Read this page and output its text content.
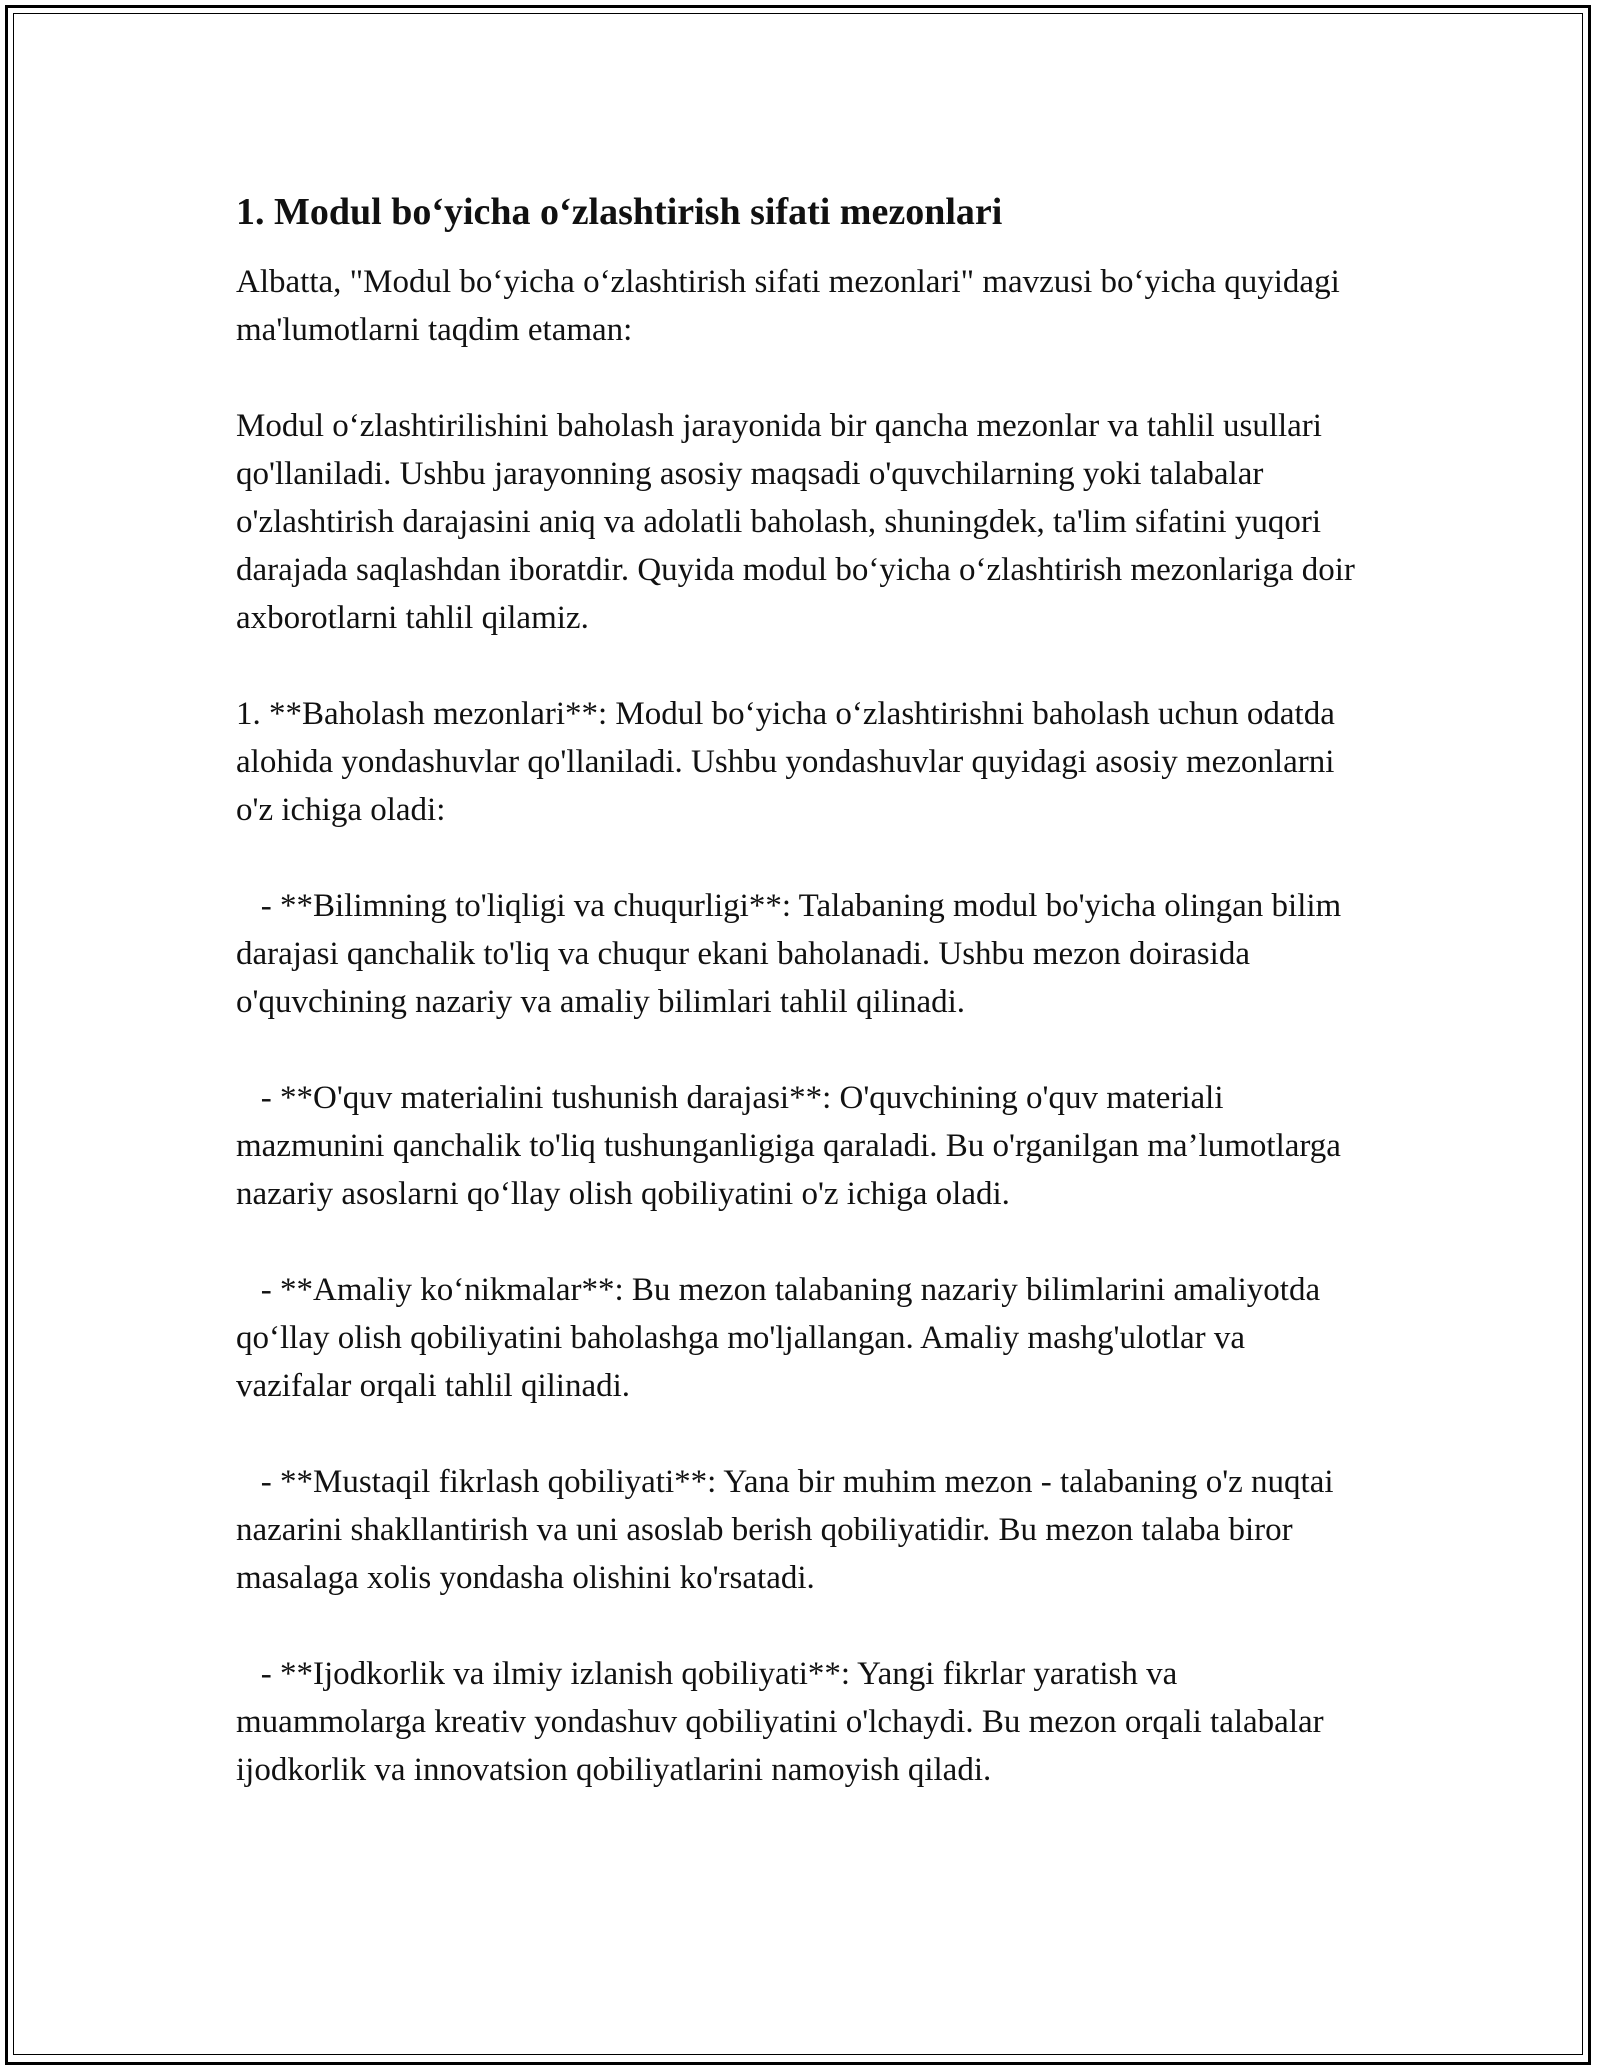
1. Modul bo‘yicha o‘zlashtirish sifati mezonlari

Albatta, "Modul bo‘yicha o‘zlashtirish sifati mezonlari" mavzusi bo‘yicha quyidagi ma'lumotlarni taqdim etaman:

Modul o‘zlashtirilishini baholash jarayonida bir qancha mezonlar va tahlil usullari qo'llaniladi. Ushbu jarayonning asosiy maqsadi o'quvchilarning yoki talabalar o'zlashtirish darajasini aniq va adolatli baholash, shuningdek, ta'lim sifatini yuqori darajada saqlashdan iboratdir. Quyida modul bo‘yicha o‘zlashtirish mezonlariga doir axborotlarni tahlil qilamiz.

1. **Baholash mezonlari**: Modul bo‘yicha o‘zlashtirishni baholash uchun odatda alohida yondashuvlar qo'llaniladi. Ushbu yondashuvlar quyidagi asosiy mezonlarni o'z ichiga oladi:

- **Bilimning to'liqligi va chuqurligi**: Talabaning modul bo'yicha olingan bilim darajasi qanchalik to'liq va chuqur ekani baholanadi. Ushbu mezon doirasida o'quvchining nazariy va amaliy bilimlari tahlil qilinadi.

- **O'quv materialini tushunish darajasi**: O'quvchining o'quv materiali mazmunini qanchalik to'liq tushunganligiga qaraladi. Bu o'rganilgan ma’lumotlarga nazariy asoslarni qo‘llay olish qobiliyatini o'z ichiga oladi.

- **Amaliy ko‘nikmalar**: Bu mezon talabaning nazariy bilimlarini amaliyotda qo‘llay olish qobiliyatini baholashga mo'ljallangan. Amaliy mashg'ulotlar va vazifalar orqali tahlil qilinadi.

- **Mustaqil fikrlash qobiliyati**: Yana bir muhim mezon - talabaning o'z nuqtai nazarini shakllantirish va uni asoslab berish qobiliyatidir. Bu mezon talaba biror masalaga xolis yondasha olishini ko'rsatadi.

- **Ijodkorlik va ilmiy izlanish qobiliyati**: Yangi fikrlar yaratish va muammolarga kreativ yondashuv qobiliyatini o'lchaydi. Bu mezon orqali talabalar ijodkorlik va innovatsion qobiliyatlarini namoyish qiladi.
